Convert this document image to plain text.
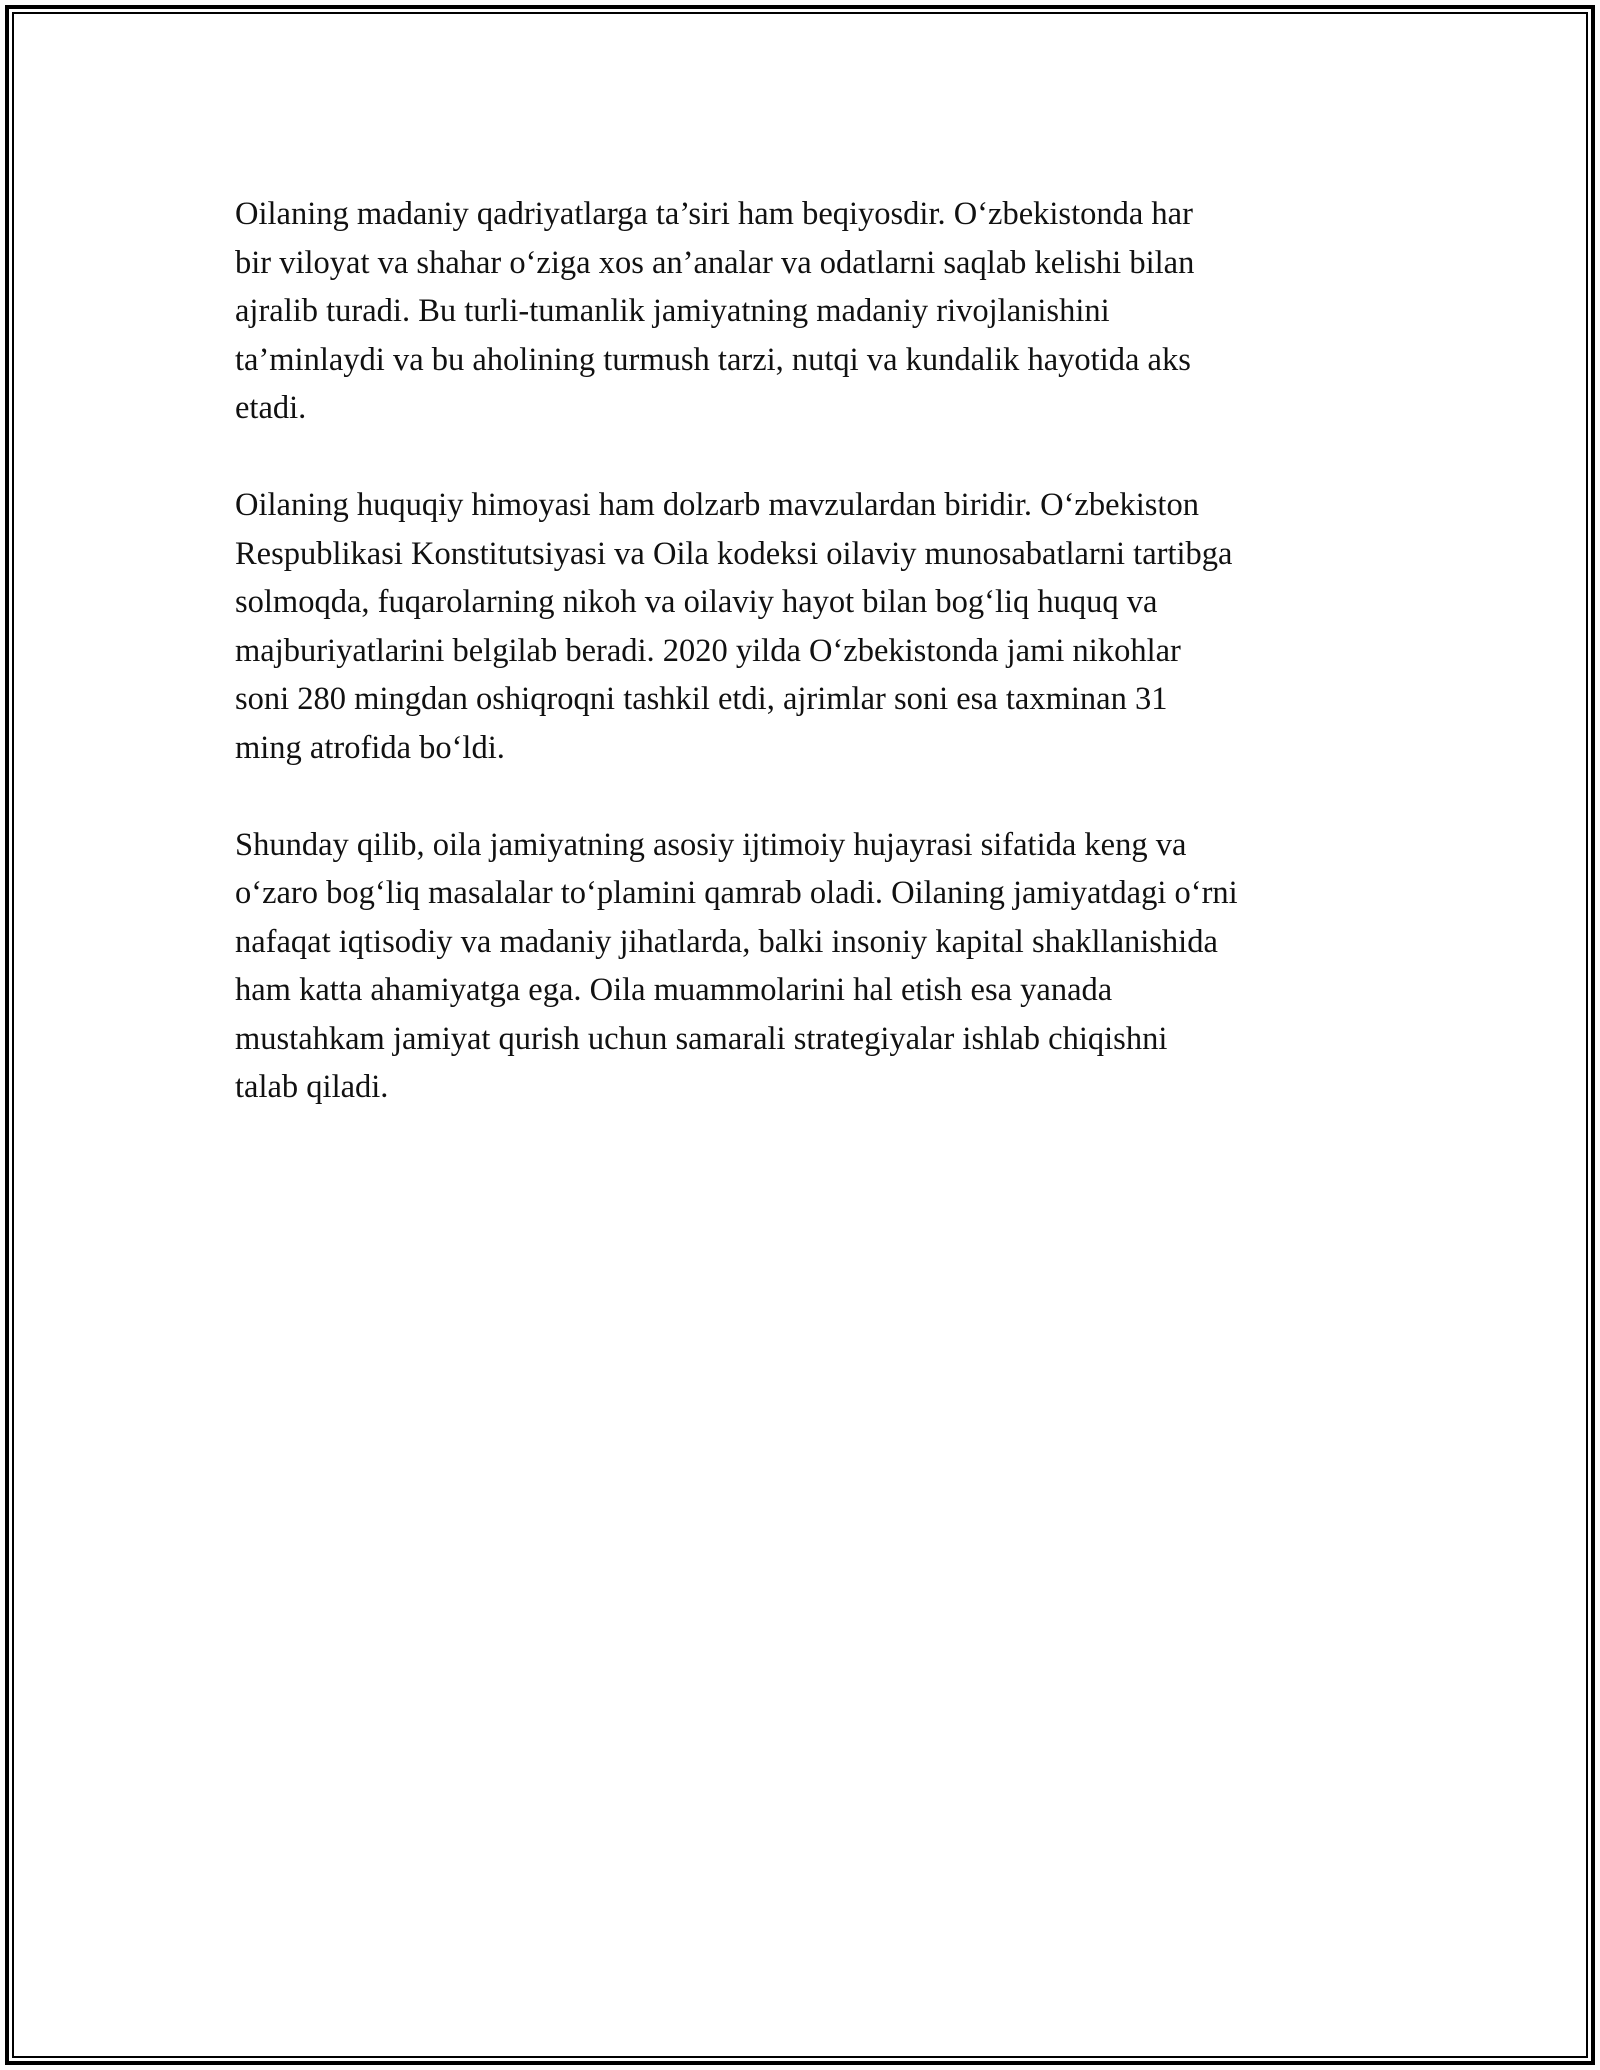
Oilaning madaniy qadriyatlarga ta’siri ham beqiyosdir. O‘zbekistonda har
bir viloyat va shahar o‘ziga xos an’analar va odatlarni saqlab kelishi bilan
ajralib turadi. Bu turli-tumanlik jamiyatning madaniy rivojlanishini
ta’minlaydi va bu aholining turmush tarzi, nutqi va kundalik hayotida aks
etadi.

Oilaning huquqiy himoyasi ham dolzarb mavzulardan biridir. O‘zbekiston
Respublikasi Konstitutsiyasi va Oila kodeksi oilaviy munosabatlarni tartibga
solmoqda, fuqarolarning nikoh va oilaviy hayot bilan bog‘liq huquq va
majburiyatlarini belgilab beradi. 2020 yilda O‘zbekistonda jami nikohlar
soni 280 mingdan oshiqroqni tashkil etdi, ajrimlar soni esa taxminan 31
ming atrofida bo‘ldi.

Shunday qilib, oila jamiyatning asosiy ijtimoiy hujayrasi sifatida keng va
o‘zaro bog‘liq masalalar to‘plamini qamrab oladi. Oilaning jamiyatdagi o‘rni
nafaqat iqtisodiy va madaniy jihatlarda, balki insoniy kapital shakllanishida
ham katta ahamiyatga ega. Oila muammolarini hal etish esa yanada
mustahkam jamiyat qurish uchun samarali strategiyalar ishlab chiqishni
talab qiladi.
